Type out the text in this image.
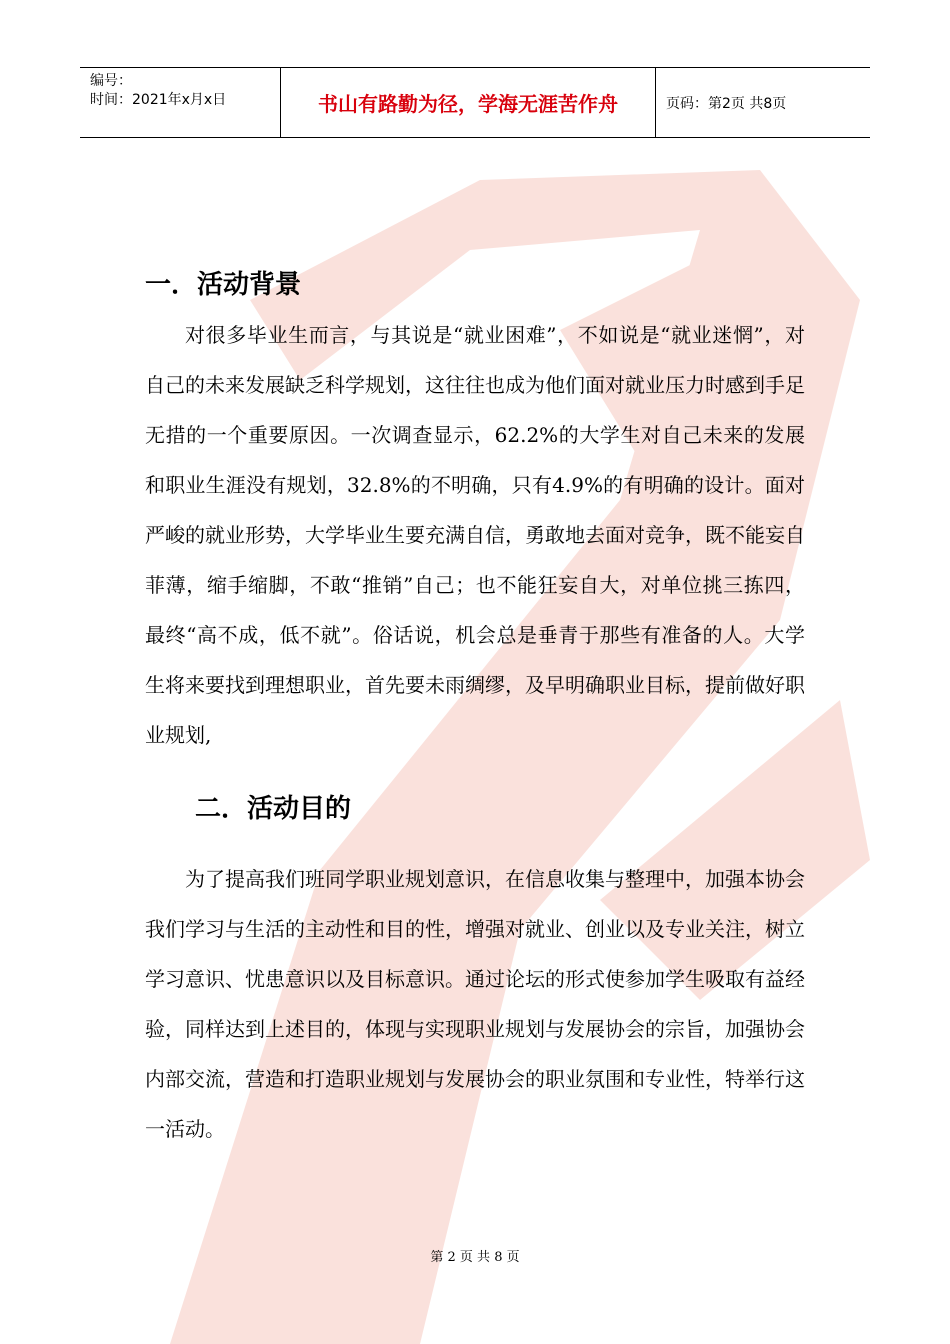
编号：
时间：2021年x月x日	书山有路勤为径，学海无涯苦作舟	页码：第2页 共8页
一．活动背景

对很多毕业生而言，与其说是“就业困难”，不如说是“就业迷惘”，对自己的未来发展缺乏科学规划，这往往也成为他们面对就业压力时感到手足无措的一个重要原因。一次调查显示，62.2%的大学生对自己未来的发展和职业生涯没有规划，32.8%的不明确，只有4.9%的有明确的设计。面对严峻的就业形势，大学毕业生要充满自信，勇敢地去面对竞争，既不能妄自菲薄，缩手缩脚，不敢“推销”自己；也不能狂妄自大，对单位挑三拣四，最终“高不成，低不就”。俗话说，机会总是垂青于那些有准备的人。大学生将来要找到理想职业，首先要未雨绸缪，及早明确职业目标，提前做好职业规划,

二．活动目的

为了提高我们班同学职业规划意识，在信息收集与整理中，加强本协会我们学习与生活的主动性和目的性，增强对就业、创业以及专业关注，树立学习意识、忧患意识以及目标意识。通过论坛的形式使参加学生吸取有益经验，同样达到上述目的，体现与实现职业规划与发展协会的宗旨，加强协会内部交流，营造和打造职业规划与发展协会的职业氛围和专业性，特举行这一活动。

第 2 页 共 8 页
